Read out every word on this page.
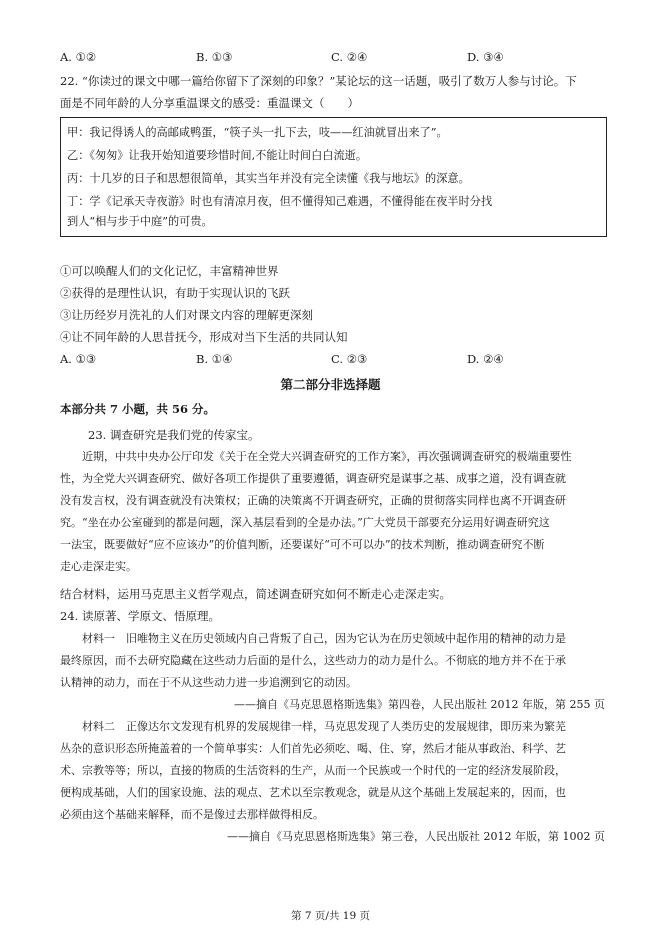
A. ①②	B. ①③	C. ②④	D. ③④
22. “你读过的课文中哪一篇给你留下了深刻的印象？”某论坛的这一话题，吸引了数万人参与讨论。下
面是不同年龄的人分享重温课文的感受：重温课文（　　）
甲：我记得诱人的高邮咸鸭蛋，“筷子头一扎下去，吱——红油就冒出来了”。
乙：《匆匆》让我开始知道要珍惜时间,不能让时间白白流逝。
丙：十几岁的日子和思想很简单，其实当年并没有完全读懂《我与地坛》的深意。
丁：学《记承天寺夜游》时也有清凉月夜，但不懂得知己难遇，不懂得能在夜半时分找
到人“相与步于中庭”的可贵。
①可以唤醒人们的文化记忆，丰富精神世界
②获得的是理性认识，有助于实现认识的飞跃
③让历经岁月洗礼的人们对课文内容的理解更深刻
④让不同年龄的人思昔抚今，形成对当下生活的共同认知
A. ①③	B. ①④	C. ②③	D. ②④
第二部分非选择题
本部分共 7 小题，共 56 分。
23. 调查研究是我们党的传家宝。
近期，中共中央办公厅印发《关于在全党大兴调查研究的工作方案》，再次强调调查研究的极端重要性
性，为全党大兴调查研究、做好各项工作提供了重要遵循，调查研究是谋事之基、成事之道，没有调查就
没有发言权，没有调查就没有决策权；正确的决策离不开调查研究，正确的贯彻落实同样也离不开调查研
究。“坐在办公室碰到的都是问题，深入基层看到的全是办法。”广大党员干部要充分运用好调查研究这
一法宝，既要做好“应不应该办”的价值判断，还要谋好“可不可以办”的技术判断，推动调查研究不断
走心走深走实。
结合材料，运用马克思主义哲学观点，简述调查研究如何不断走心走深走实。
24. 读原著、学原文、悟原理。
材料一　旧唯物主义在历史领域内自己背叛了自己，因为它认为在历史领域中起作用的精神的动力是
最终原因，而不去研究隐藏在这些动力后面的是什么，这些动力的动力是什么。不彻底的地方并不在于承
认精神的动力，而在于不从这些动力进一步追溯到它的动因。
——摘自《马克思恩格斯选集》第四卷，人民出版社 2012 年版，第 255 页
材料二　正像达尔文发现有机界的发展规律一样，马克思发现了人类历史的发展规律，即历来为繁芜
丛杂的意识形态所掩盖着的一个简单事实：人们首先必须吃、喝、住、穿，然后才能从事政治、科学、艺
术、宗教等等；所以，直接的物质的生活资料的生产，从而一个民族或一个时代的一定的经济发展阶段，
便构成基础，人们的国家设施、法的观点、艺术以至宗教观念，就是从这个基础上发展起来的，因而，也
必须由这个基础来解释，而不是像过去那样做得相反。
——摘自《马克思恩格斯选集》第三卷，人民出版社 2012 年版，第 1002 页
第 7 页/共 19 页
